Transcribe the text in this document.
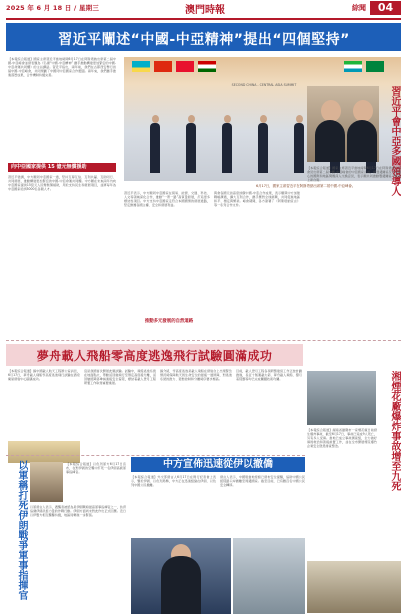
2025 年 6 月 18 日 / 星期三	澳門時報	綜聞	04
習近平闡述“中國-中亞精神”提出“四個堅持”
【本報綜合報道】國家主席習近平當地時間6月17日在阿斯塔納出席第二屆中國-中亞峰會並發表題為《弘揚“中國-中亞精神” 攜手推動構建更加緊密的中國-中亞命運共同體》的主旨講話。習近平指出，兩年前，我們在古都西安舉行首屆中國-中亞峰會，共同規劃了中國同中亞國家合作藍圖。兩年來，我們攜手推進落實成果，合作機制持續完善。
SECOND CHINA - CENTRAL ASIA SUMMIT
6月17日，國家主席習近平在阿斯塔納出席第二屆中國-中亞峰會。
向中亞國家提供 15 億元無償援助
習近平強調，中方願同中亞國家一道，堅持互尊互信、互利共贏、互助同行、共同發展，推動構建更加緊密的中國-中亞命運共同體。中方願在未來兩年內向中亞國家提供15億元人民幣無償援助，用於支持民生和發展項目，並將每年為中亞國家培訓3000名各類人才。
習近平表示，中方願同中亞國家在貿易、能源、交通、科技、人文等領域深化合作，推動“一帶一路”高質量發展，打造更多標誌性項目。中方支持中亞國家走符合本國國情的發展道路，堅定維護各國主權、安全和發展利益。
與會各國元首高度評價中國-中亞合作成果，表示願與中方加強戰略溝通，擴大互利合作，攜手應對全球挑戰，共同促進地區和平、穩定與繁榮。峰會期間，各方簽署了《阿斯塔納宣言》等一系列合作文件。
推動多元發展的自然道路
習近平會中亞多國領導人
【本報綜合報道】國家主席習近平當地時間6月17日在阿斯塔納分別會見出席第二屆中國-中亞峰會的中亞國家元首，就雙邊關係及共同關心的國際和地區問題深入交換意見，表示願共同推動雙邊關係不斷邁上新台階。
夢舟載人飛船零高度逃逸飛行試驗圓滿成功
【本報綜合報道】據中國載人航天工程辦公室消息，6月17日，夢舟載人飛船零高度逃逸飛行試驗在酒泉衛星發射中心圓滿成功。
這是我國首次開展此類試驗。試驗中，飛船逃逸系統在地面點火，帶動返回艙飛行至預定高度後分離，返回艙經降落傘減速後安全着陸，標誌着載人登月工程研製工作取得重要進展。
據介紹，零高度逃逸是載人飛船在發射台上出現緊急情況時保障航天員生命安全的最後一道屏障，對逃逸系統的推力、姿態控制和分離時序要求極高。
目前，載人登月工程各項研製建設工作正按計劃推進，長征十號運載火箭、夢舟載人飛船、攬月着陸器等均已完成關鍵技術攻關。	湘煙花廠爆炸事故增至九死
【本報綜合報道】湖南省瀏陽市一家煙花廠日前發生爆炸事故，截至6月17日，事故已造成9人死亡，另有多人受傷。當地已成立事故調查組，全力做好傷員救治和善後處置工作，並在全市開展煙花爆竹企業安全隱患排查整治。
以軍稱打死伊朗戰爭軍事指揮官	【本報綜合報道】以色列軍方6月17日宣布，在對伊朗的空襲中打死一名伊朗高級軍事指揮官。
以軍發言人表示，遇襲者被認為是伊朗戰時最高軍事指揮官之一，負責協調伊朗武裝力量的作戰行動。伊朗方面尚未對此作出正式回應。近日以伊雙方相互襲擊持續，地區局勢進一步緊張。
中方宣佈迅速從伊以撤僑
【本報綜合報道】外交部發言人6月17日在例行記者會上表示，鑒於伊朗、以色列局勢，中方正在迅速組織在伊朗、以色列中國公民撤離。
發言人表示，中國駐當地使館已發布安全提醒，協助中國公民經陸路口岸撤離至周邊國家。截至目前，已有數百名中國公民安全轉移。
